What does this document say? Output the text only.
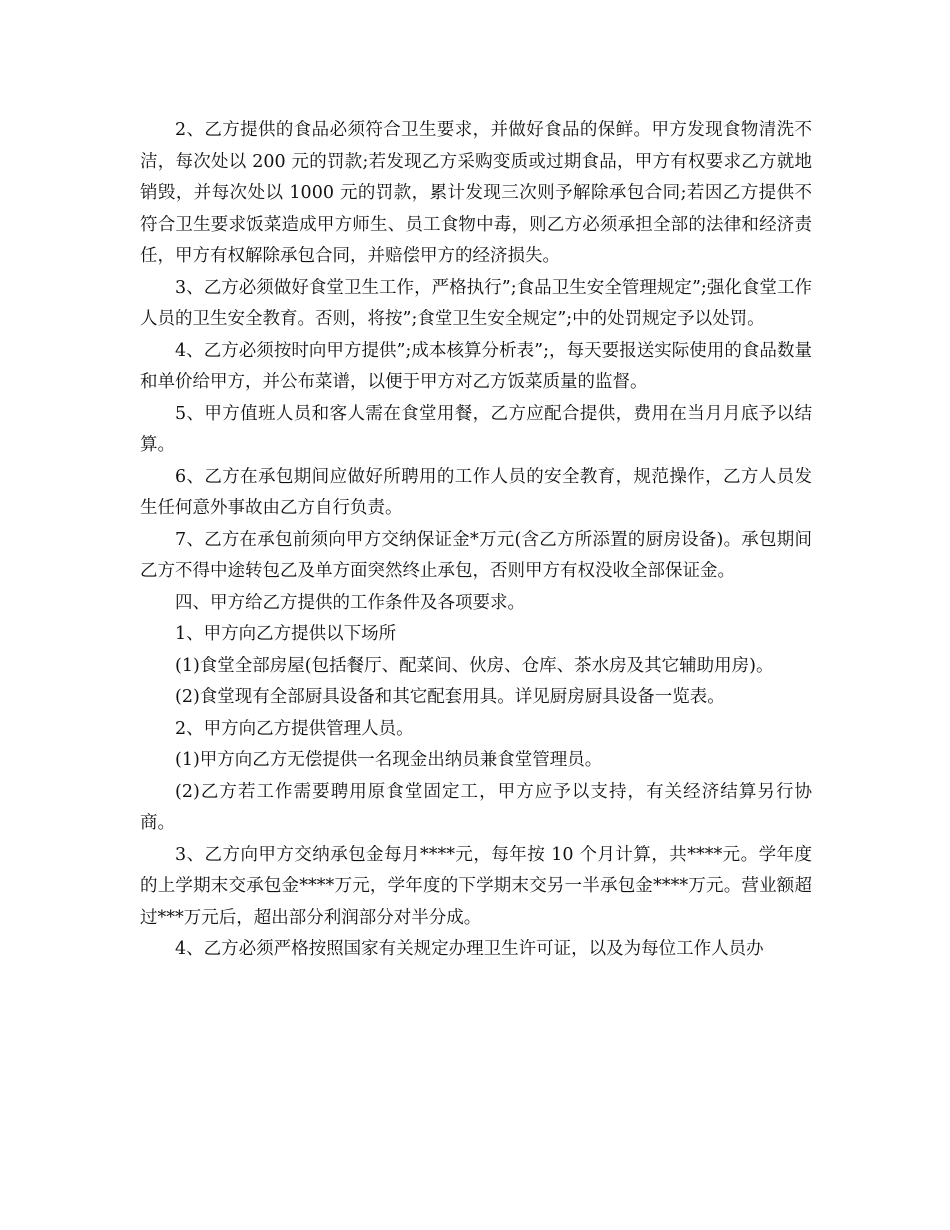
2、乙方提供的食品必须符合卫生要求，并做好食品的保鲜。甲方发现食物清洗不洁，每次处以 200 元的罚款;若发现乙方采购变质或过期食品，甲方有权要求乙方就地销毁，并每次处以 1000 元的罚款，累计发现三次则予解除承包合同;若因乙方提供不符合卫生要求饭菜造成甲方师生、员工食物中毒，则乙方必须承担全部的法律和经济责任，甲方有权解除承包合同，并赔偿甲方的经济损失。

3、乙方必须做好食堂卫生工作，严格执行”;食品卫生安全管理规定”;强化食堂工作人员的卫生安全教育。否则，将按”;食堂卫生安全规定”;中的处罚规定予以处罚。

4、乙方必须按时向甲方提供”;成本核算分析表”;，每天要报送实际使用的食品数量和单价给甲方，并公布菜谱，以便于甲方对乙方饭菜质量的监督。

5、甲方值班人员和客人需在食堂用餐，乙方应配合提供，费用在当月月底予以结算。

6、乙方在承包期间应做好所聘用的工作人员的安全教育，规范操作，乙方人员发生任何意外事故由乙方自行负责。

7、乙方在承包前须向甲方交纳保证金*万元(含乙方所添置的厨房设备)。承包期间乙方不得中途转包乙及单方面突然终止承包，否则甲方有权没收全部保证金。

四、甲方给乙方提供的工作条件及各项要求。

1、甲方向乙方提供以下场所

(1)食堂全部房屋(包括餐厅、配菜间、伙房、仓库、茶水房及其它辅助用房)。

(2)食堂现有全部厨具设备和其它配套用具。详见厨房厨具设备一览表。

2、甲方向乙方提供管理人员。

(1)甲方向乙方无偿提供一名现金出纳员兼食堂管理员。

(2)乙方若工作需要聘用原食堂固定工，甲方应予以支持，有关经济结算另行协商。

3、乙方向甲方交纳承包金每月****元，每年按 10 个月计算，共****元。学年度的上学期末交承包金****万元，学年度的下学期末交另一半承包金****万元。营业额超过***万元后，超出部分利润部分对半分成。

4、乙方必须严格按照国家有关规定办理卫生许可证，以及为每位工作人员办
